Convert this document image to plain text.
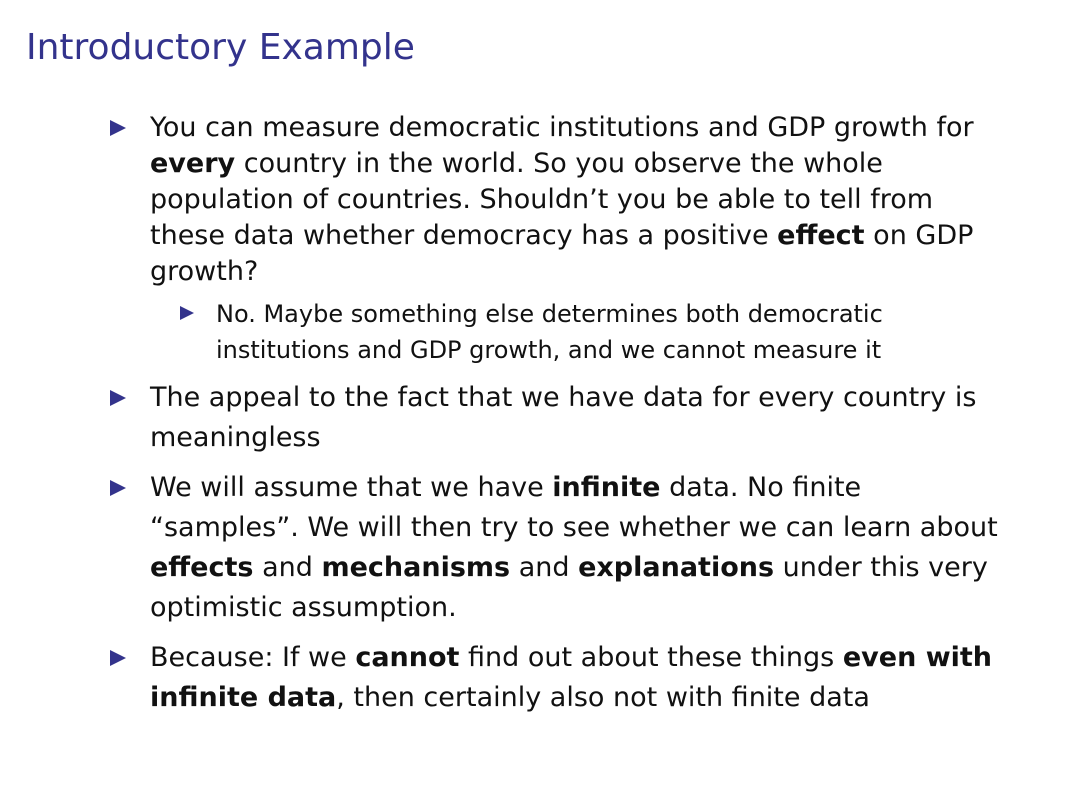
Introductory Example
You can measure democratic institutions and GDP growth for every country in the world. So you observe the whole population of countries. Shouldn’t you be able to tell from these data whether democracy has a positive effect on GDP growth?
No. Maybe something else determines both democratic institutions and GDP growth, and we cannot measure it
The appeal to the fact that we have data for every country is meaningless
We will assume that we have infinite data. No finite “samples”. We will then try to see whether we can learn about effects and mechanisms and explanations under this very optimistic assumption.
Because: If we cannot find out about these things even with infinite data, then certainly also not with finite data
